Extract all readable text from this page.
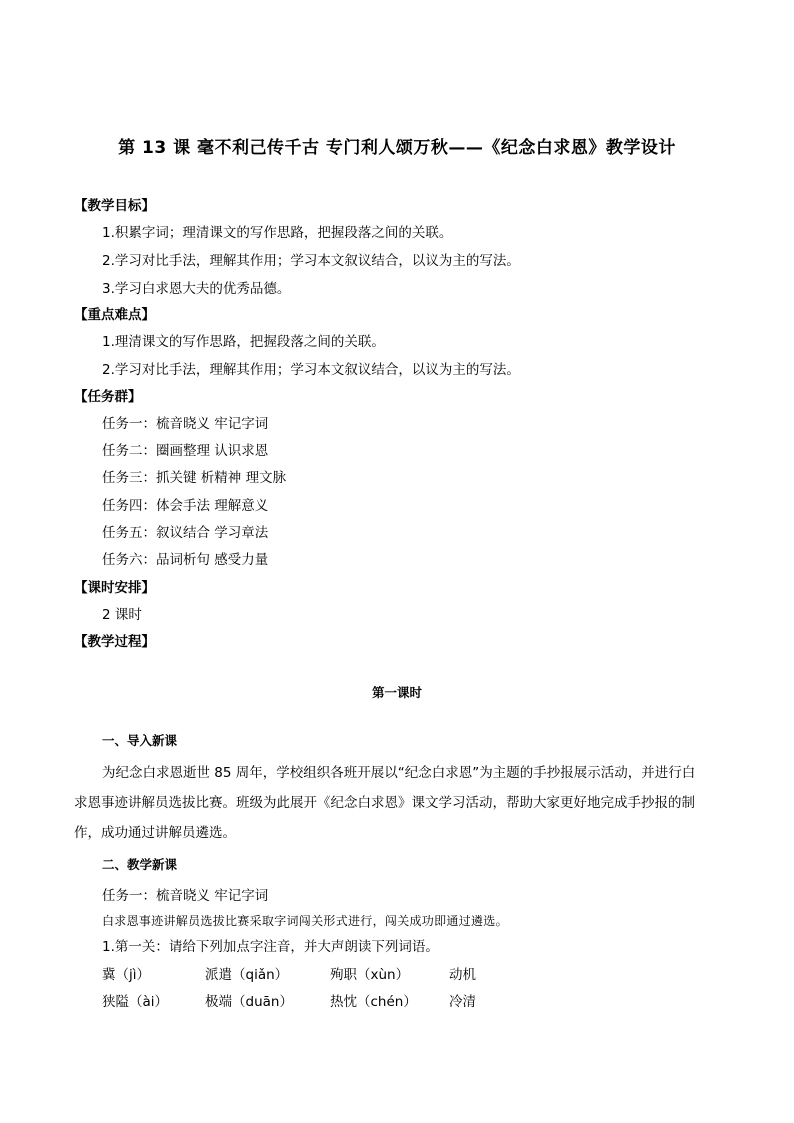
第 13 课 毫不利己传千古 专门利人颂万秋——《纪念白求恩》教学设计
【教学目标】
1.积累字词；理清课文的写作思路，把握段落之间的关联。
2.学习对比手法，理解其作用；学习本文叙议结合，以议为主的写法。
3.学习白求恩大夫的优秀品德。
【重点难点】
1.理清课文的写作思路，把握段落之间的关联。
2.学习对比手法，理解其作用；学习本文叙议结合，以议为主的写法。
【任务群】
任务一：梳音晓义 牢记字词
任务二：圈画整理 认识求恩
任务三：抓关键 析精神 理文脉
任务四：体会手法 理解意义
任务五：叙议结合 学习章法
任务六：品词析句 感受力量
【课时安排】
2 课时
【教学过程】
第一课时
一、导入新课
为纪念白求恩逝世 85 周年，学校组织各班开展以“纪念白求恩”为主题的手抄报展示活动，并进行白
求恩事迹讲解员选拔比赛。班级为此展开《纪念白求恩》课文学习活动，帮助大家更好地完成手抄报的制
作，成功通过讲解员遴选。
二、教学新课
任务一：梳音晓义 牢记字词
白求恩事迹讲解员选拔比赛采取字词闯关形式进行，闯关成功即通过遴选。
1.第一关：请给下列加点字注音，并大声朗读下列词语。
冀（jì）	派遣（qiǎn）	殉职（xùn）	动机
狭隘（ài）	极端（duān）	热忱（chén） 冷清
